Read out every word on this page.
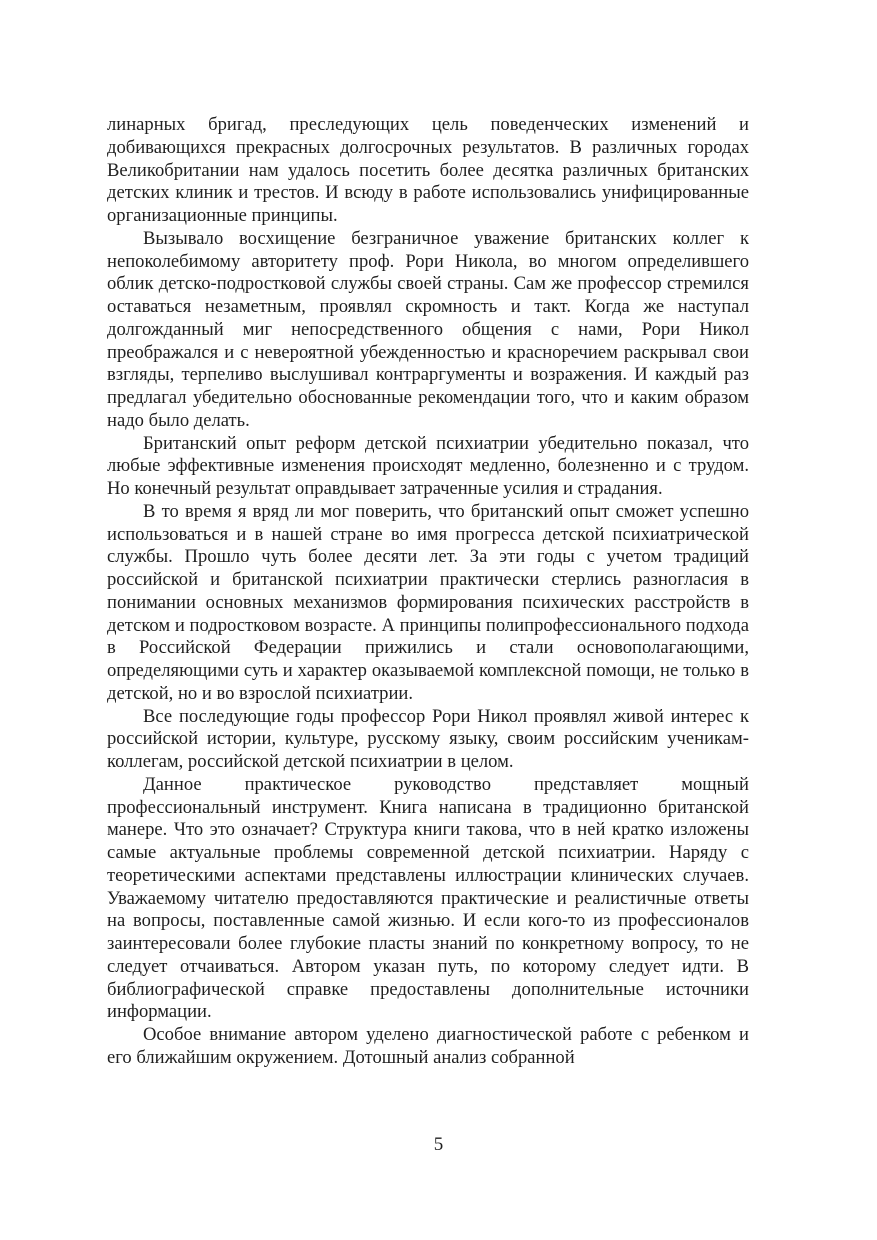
линарных бригад, преследующих цель поведенческих изменений и добивающихся прекрасных долгосрочных результатов. В различных городах Великобритании нам удалось посетить более десятка различных британских детских клиник и трестов. И всюду в работе использовались унифицированные организационные принципы.

Вызывало восхищение безграничное уважение британских коллег к непоколебимому авторитету проф. Рори Никола, во многом определившего облик детско-подростковой службы своей страны. Сам же профессор стремился оставаться незаметным, проявлял скромность и такт. Когда же наступал долгожданный миг непосредственного общения с нами, Рори Никол преображался и с невероятной убежденностью и красноречием раскрывал свои взгляды, терпеливо выслушивал контраргументы и возражения. И каждый раз предлагал убедительно обоснованные рекомендации того, что и каким образом надо было делать.

Британский опыт реформ детской психиатрии убедительно показал, что любые эффективные изменения происходят медленно, болезненно и с трудом. Но конечный результат оправдывает затраченные усилия и страдания.

В то время я вряд ли мог поверить, что британский опыт сможет успешно использоваться и в нашей стране во имя прогресса детской психиатрической службы. Прошло чуть более десяти лет. За эти годы с учетом традиций российской и британской психиатрии практически стерлись разногласия в понимании основных механизмов формирования психических расстройств в детском и подростковом возрасте. А принципы полипрофессионального подхода в Российской Федерации прижились и стали основополагающими, определяющими суть и характер оказываемой комплексной помощи, не только в детской, но и во взрослой психиатрии.

Все последующие годы профессор Рори Никол проявлял живой интерес к российской истории, культуре, русскому языку, своим российским ученикам-коллегам, российской детской психиатрии в целом.

Данное практическое руководство представляет мощный профессиональный инструмент. Книга написана в традиционно британской манере. Что это означает? Структура книги такова, что в ней кратко изложены самые актуальные проблемы современной детской психиатрии. Наряду с теоретическими аспектами представлены иллюстрации клинических случаев. Уважаемому читателю предоставляются практические и реалистичные ответы на вопросы, поставленные самой жизнью. И если кого-то из профессионалов заинтересовали более глубокие пласты знаний по конкретному вопросу, то не следует отчаиваться. Автором указан путь, по которому следует идти. В библиографической справке предоставлены дополнительные источники информации.

Особое внимание автором уделено диагностической работе с ребенком и его ближайшим окружением. Дотошный анализ собранной

5
